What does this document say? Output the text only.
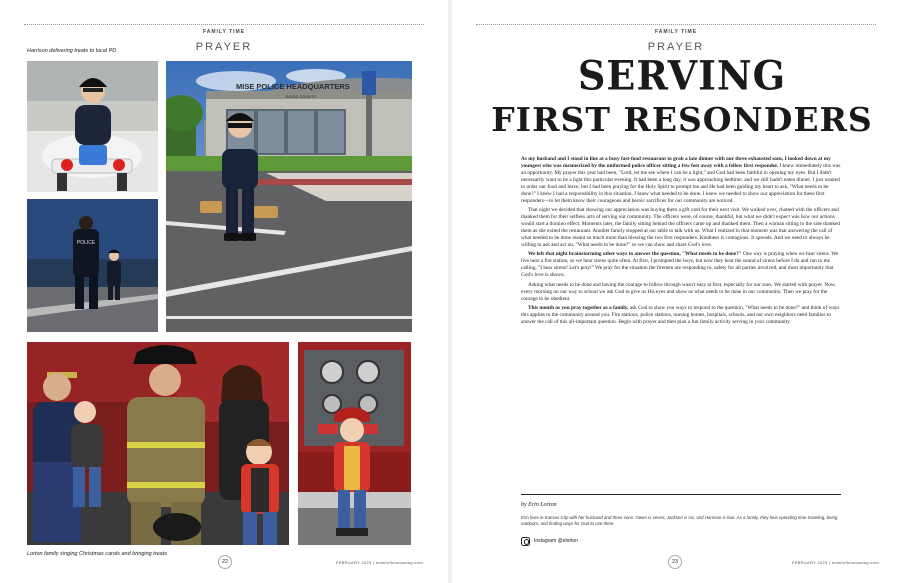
FAMILY TIME
PRAYER
Harrison delivering treats to local PD
POLICE
MISE POLICE HEADQUARTERS
BOISE COUNTY
Lorton family singing Christmas carols and bringing treats
22	FEBRUARY 2023 | homeoffmomsmag.com
FAMILY TIME
PRAYER
SERVING
FIRST RESONDERS

As my husband and I stood in line at a busy fast-food restaurant to grab a late dinner with our three exhausted sons, I looked down at my youngest who was mesmerized by the uniformed police officer sitting a few feet away with a fellow first responder. I knew immediately this was an opportunity. My prayer this year had been, "Lord, let me see where I can be a light," and God had been faithful in opening my eyes. But I didn't necessarily want to be a light this particular evening. It had been a long day, it was approaching bedtime, and we still hadn't eaten dinner. I just wanted to order our food and leave, but I had been praying for the Holy Spirit to prompt me and He had been guiding my heart to ask, "What needs to be done?" I knew I had a responsibility in this situation. I knew what needed to be done. I knew we needed to show our appreciation for these first responders—to let them know their courageous and heroic sacrifices for our community are noticed.

That night we decided that showing our appreciation was buying them a gift card for their next visit. We walked over, chatted with the officers and thanked them for their selfless acts of serving our community. The officers were, of course, thankful, but what we didn't expect was how our actions would start a domino effect. Moments later, the family sitting behind the officers came up and thanked them. Then a woman sitting to the side thanked them as she exited the restaurant. Another family stopped at our table to talk with us. What I realized in that moment was that answering the call of what needed to be done meant so much more than blessing the two first responders. Kindness is contagious. It spreads. And we need to always be willing to ask and act on, "What needs to be done?" so we can show and share God's love.

We left that night brainstorming other ways to answer the question, "What needs to be done?" One way is praying when we hear sirens. We live near a fire station, so we hear sirens quite often. At first, I prompted the boys, but now they hear the sound of sirens before I do and run to me calling, "I hear sirens! Let's pray!" We pray for the situation the firemen are responding to, safety for all parties involved, and most importantly that God's love is shown.

Asking what needs to be done and having the courage to follow through wasn't easy at first, especially for our sons. We started with prayer. Now, every morning on our way to school we ask God to give us His eyes and show us what needs to be done in our community. Then we pray for the courage to be obedient.

This month as you pray together as a family, ask God to show you ways to respond to the question, "What needs to be done?" and think of ways this applies to the community around you. Fire stations, police stations, nursing homes, hospitals, schools, and our own neighbors need families to answer the call of this all-important question. Begin with prayer and then plan a fun family activity serving in your community.

by Erin Lorton
Erin lives in Kansas City with her husband and three sons. Owen is seven, Jackson is six, and Harrison is four. As a family, they love spending time traveling, being outdoors, and finding ways for God to use them.
Instagram @elorton
23	FEBRUARY 2023 | homeoffmomsmag.com
